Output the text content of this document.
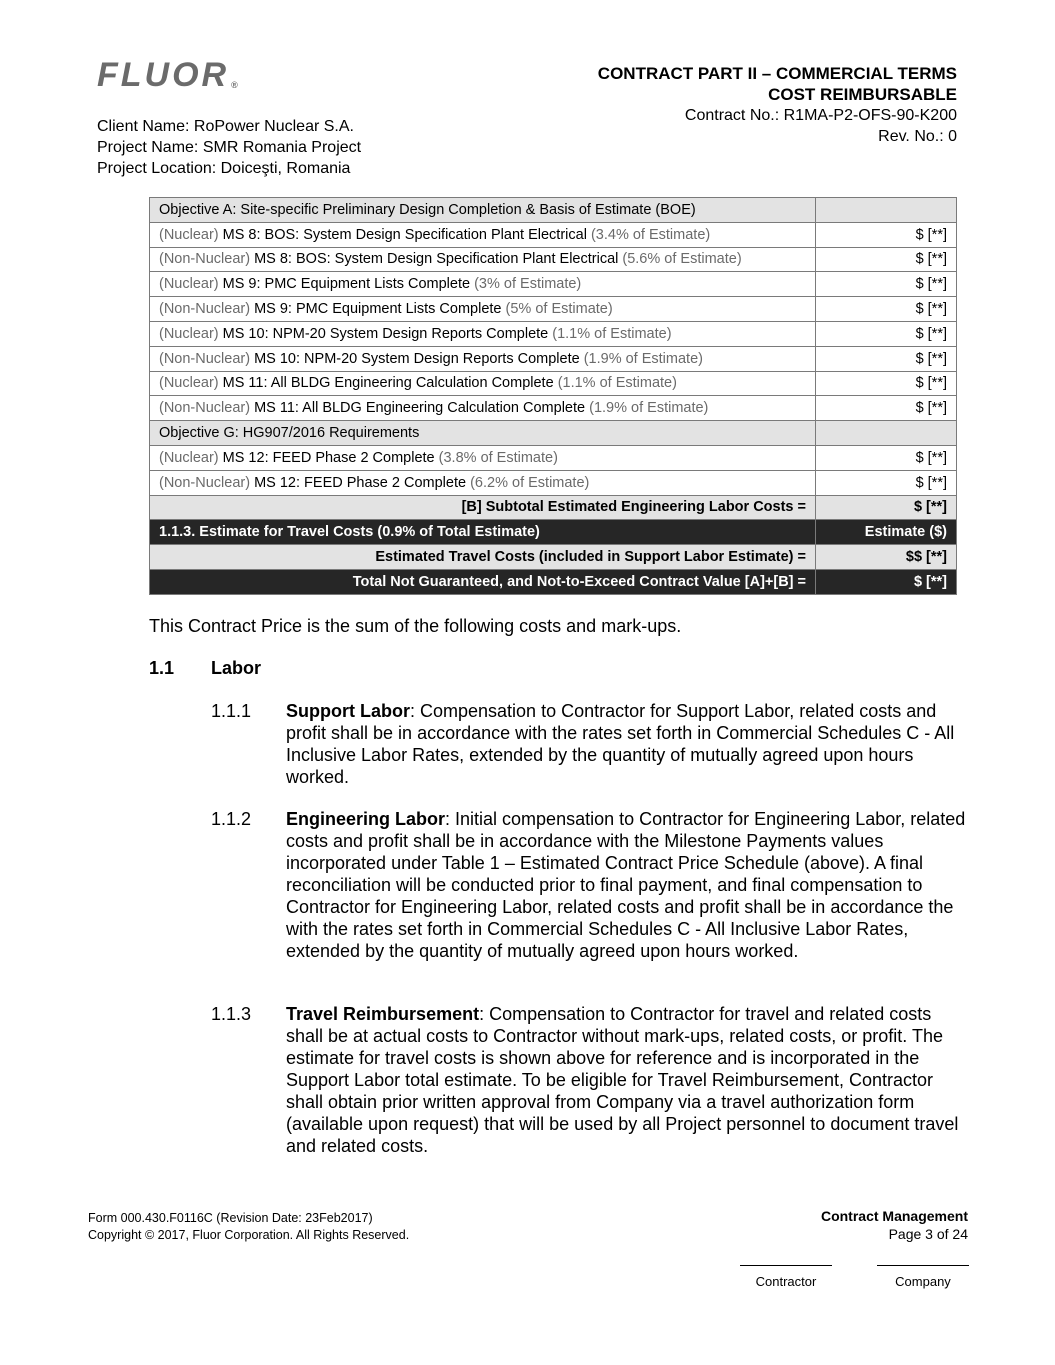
FLUOR ®
Client Name: RoPower Nuclear S.A.
Project Name: SMR Romania Project
Project Location: Doiceşti, Romania
CONTRACT PART II – COMMERCIAL TERMS
COST REIMBURSABLE
Contract No.: R1MA-P2-OFS-90-K200
Rev. No.: 0
Objective A: Site-specific Preliminary Design Completion & Basis of Estimate (BOE)	
(Nuclear) MS 8: BOS: System Design Specification Plant Electrical (3.4% of Estimate)	$ [**]
(Non-Nuclear) MS 8: BOS: System Design Specification Plant Electrical (5.6% of Estimate)	$ [**]
(Nuclear) MS 9: PMC Equipment Lists Complete (3% of Estimate)	$ [**]
(Non-Nuclear) MS 9: PMC Equipment Lists Complete (5% of Estimate)	$ [**]
(Nuclear) MS 10: NPM-20 System Design Reports Complete (1.1% of Estimate)	$ [**]
(Non-Nuclear) MS 10: NPM-20 System Design Reports Complete (1.9% of Estimate)	$ [**]
(Nuclear) MS 11: All BLDG Engineering Calculation Complete (1.1% of Estimate)	$ [**]
(Non-Nuclear) MS 11: All BLDG Engineering Calculation Complete (1.9% of Estimate)	$ [**]
Objective G: HG907/2016 Requirements	
(Nuclear) MS 12: FEED Phase 2 Complete (3.8% of Estimate)	$ [**]
(Non-Nuclear) MS 12: FEED Phase 2 Complete (6.2% of Estimate)	$ [**]
[B] Subtotal Estimated Engineering Labor Costs =	$ [**]
1.1.3. Estimate for Travel Costs (0.9% of Total Estimate)	Estimate ($)
Estimated Travel Costs (included in Support Labor Estimate) =	$$ [**]
Total Not Guaranteed, and Not-to-Exceed Contract Value [A]+[B] =	$ [**]
This Contract Price is the sum of the following costs and mark-ups.
1.1 Labor
1.1.1 Support Labor: Compensation to Contractor for Support Labor, related costs and profit shall be in accordance with the rates set forth in Commercial Schedules C - All Inclusive Labor Rates, extended by the quantity of mutually agreed upon hours worked.
1.1.2 Engineering Labor: Initial compensation to Contractor for Engineering Labor, related costs and profit shall be in accordance with the Milestone Payments values incorporated under Table 1 – Estimated Contract Price Schedule (above). A final reconciliation will be conducted prior to final payment, and final compensation to Contractor for Engineering Labor, related costs and profit shall be in accordance the with the rates set forth in Commercial Schedules C - All Inclusive Labor Rates, extended by the quantity of mutually agreed upon hours worked.
1.1.3 Travel Reimbursement: Compensation to Contractor for travel and related costs shall be at actual costs to Contractor without mark-ups, related costs, or profit. The estimate for travel costs is shown above for reference and is incorporated in the Support Labor total estimate. To be eligible for Travel Reimbursement, Contractor shall obtain prior written approval from Company via a travel authorization form (available upon request) that will be used by all Project personnel to document travel and related costs.
Form 000.430.F0116C (Revision Date: 23Feb2017)
Copyright © 2017, Fluor Corporation. All Rights Reserved.
Contract Management
Page 3 of 24
Contractor	Company
